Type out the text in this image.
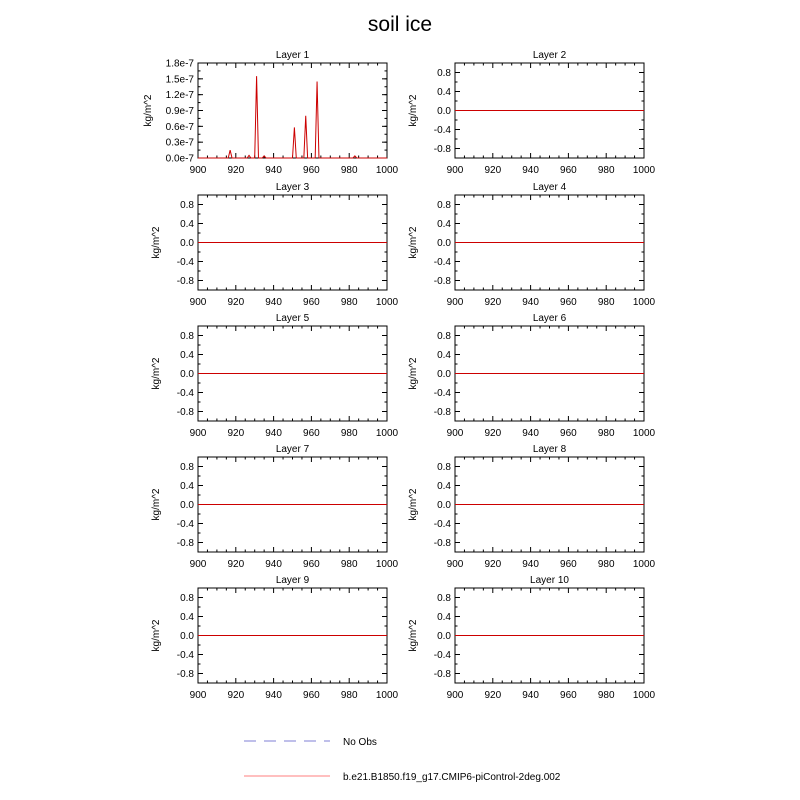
soil ice
Layer 1
900 920 940 960 980 1000
0.0e-7
0.3e-7
0.6e-7
0.9e-7
1.2e-7
1.5e-7
1.8e-7
kg/m^2
Layer 2
900 920 940 960 980 1000
-0.8
-0.4
0.0
0.4
0.8
kg/m^2
Layer 3
900 920 940 960 980 1000
-0.8
-0.4
0.0
0.4
0.8
kg/m^2
Layer 4
900 920 940 960 980 1000
-0.8
-0.4
0.0
0.4
0.8
kg/m^2
Layer 5
900 920 940 960 980 1000
-0.8
-0.4
0.0
0.4
0.8
kg/m^2
Layer 6
900 920 940 960 980 1000
-0.8
-0.4
0.0
0.4
0.8
kg/m^2
Layer 7
900 920 940 960 980 1000
-0.8
-0.4
0.0
0.4
0.8
kg/m^2
Layer 8
900 920 940 960 980 1000
-0.8
-0.4
0.0
0.4
0.8
kg/m^2
Layer 9
900 920 940 960 980 1000
-0.8
-0.4
0.0
0.4
0.8
kg/m^2
Layer 10
900 920 940 960 980 1000
-0.8
-0.4
0.0
0.4
0.8
kg/m^2
No Obs
b.e21.B1850.f19_g17.CMIP6-piControl-2deg.002
